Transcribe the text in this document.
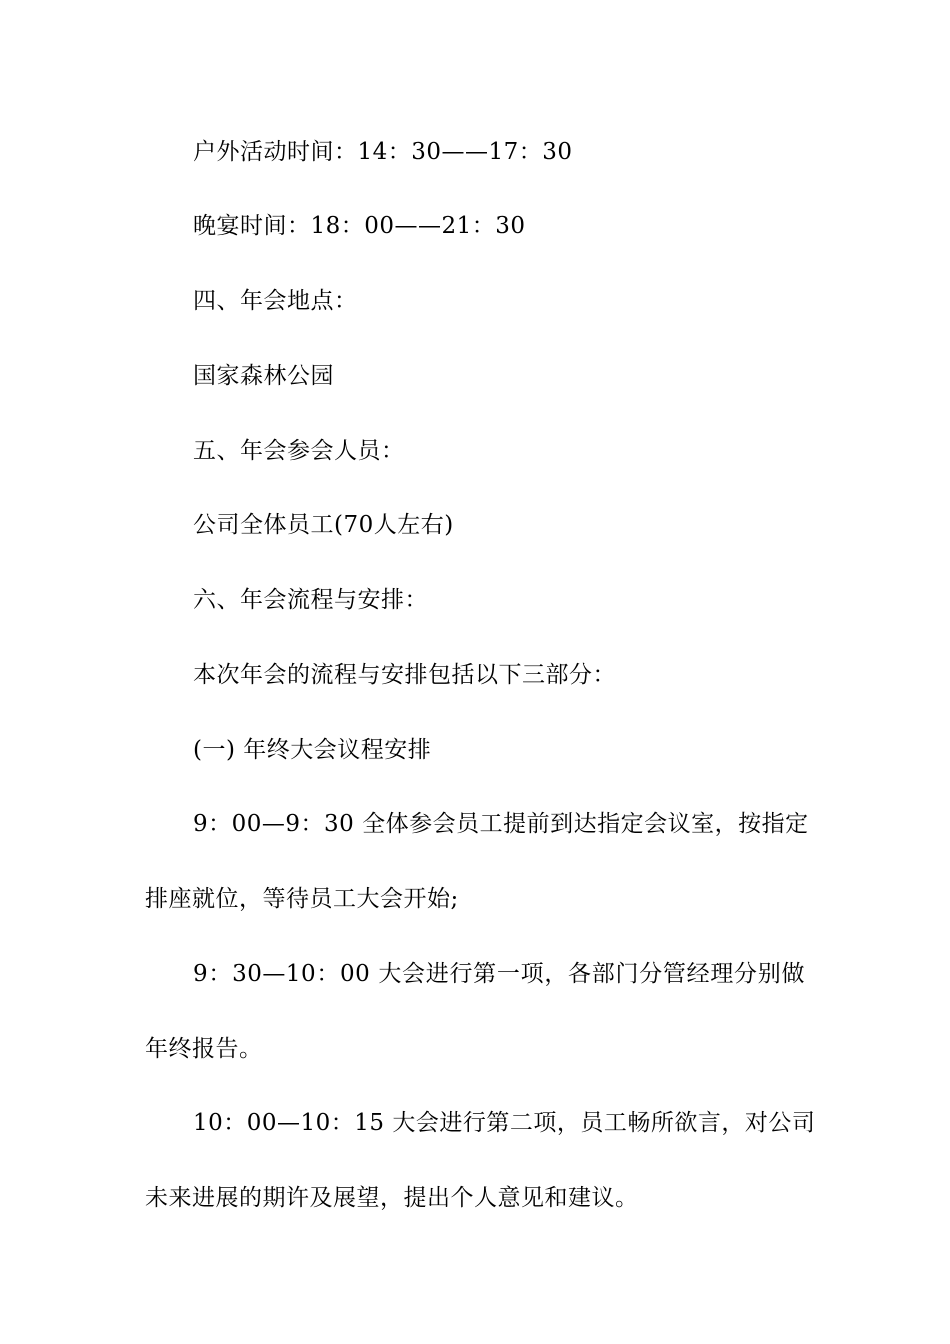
户外活动时间：14：30——17：30
晚宴时间：18：00——21：30
四、年会地点：
国家森林公园
五、年会参会人员：
公司全体员工(70人左右)
六、年会流程与安排：
本次年会的流程与安排包括以下三部分：
(一) 年终大会议程安排
9：00—9：30 全体参会员工提前到达指定会议室，按指定
排座就位，等待员工大会开始;
9：30—10：00 大会进行第一项，各部门分管经理分别做
年终报告。
10：00—10：15 大会进行第二项，员工畅所欲言，对公司
未来进展的期许及展望，提出个人意见和建议。
